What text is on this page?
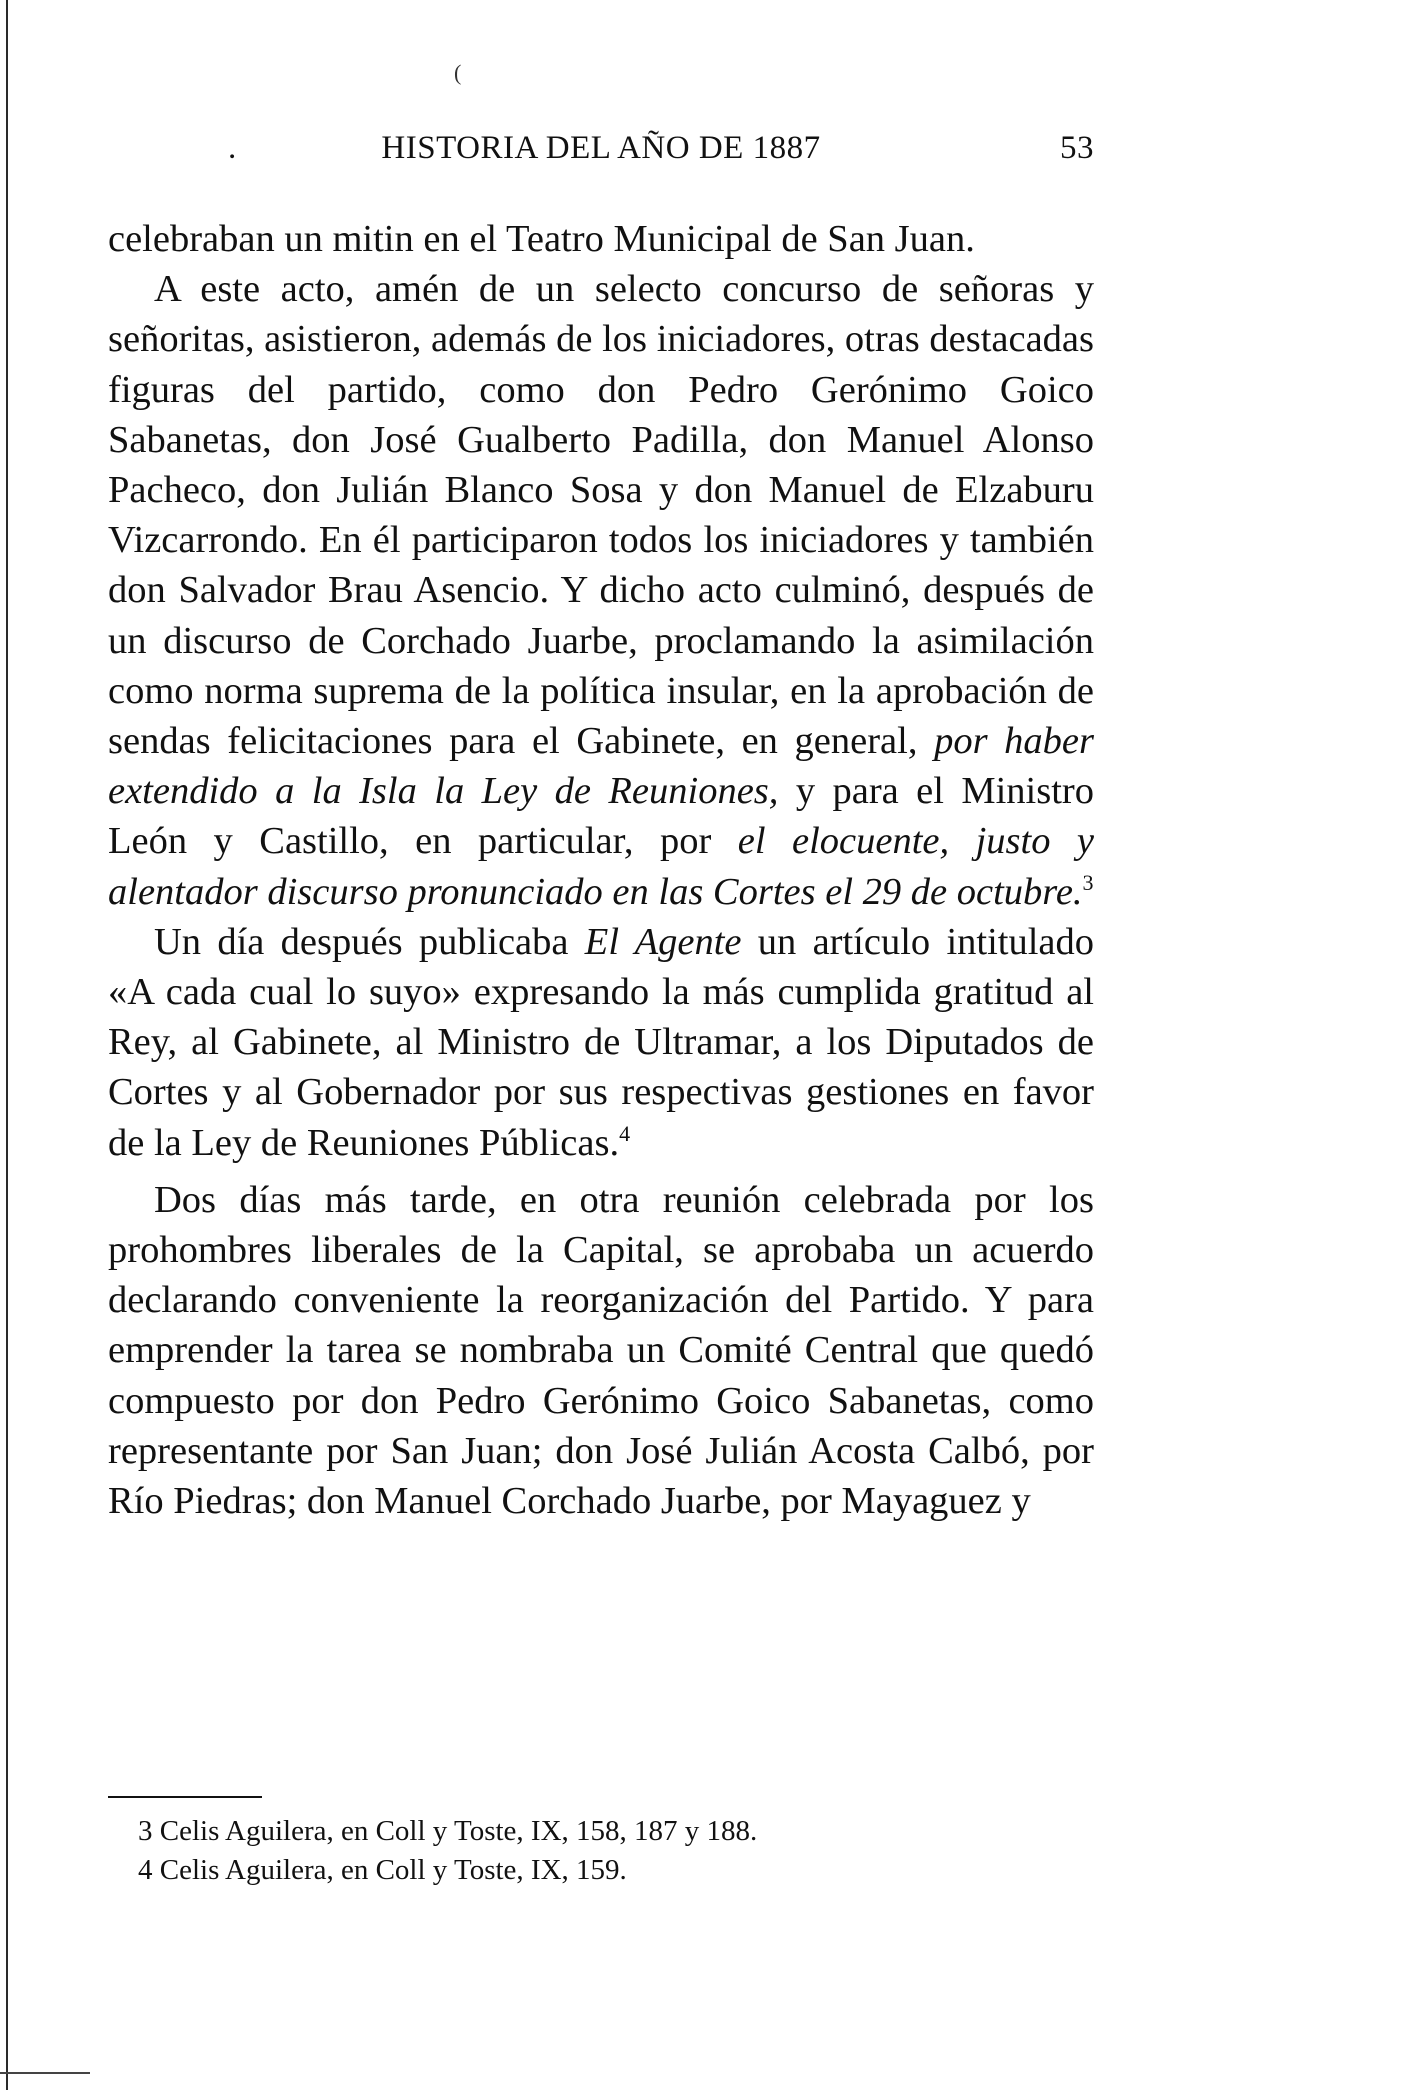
(
.	HISTORIA DEL AÑO DE 1887	53

celebraban un mitin en el Teatro Municipal de San Juan.

A este acto, amén de un selecto concurso de señoras y señoritas, asistieron, además de los iniciadores, otras destacadas figuras del partido, como don Pedro Gerónimo Goico Sabanetas, don José Gualberto Padilla, don Manuel Alonso Pacheco, don Julián Blanco Sosa y don Manuel de Elzaburu Vizcarrondo. En él participaron todos los iniciadores y también don Salvador Brau Asencio. Y dicho acto culminó, después de un discurso de Corchado Juarbe, proclamando la asimilación como norma suprema de la política insular, en la aprobación de sendas felicitaciones para el Gabinete, en general, por haber extendido a la Isla la Ley de Reuniones, y para el Ministro León y Castillo, en particular, por el elocuente, justo y alentador discurso pronunciado en las Cortes el 29 de octubre.$^3$

Un día después publicaba El Agente un artículo intitulado «A cada cual lo suyo» expresando la más cumplida gratitud al Rey, al Gabinete, al Ministro de Ultramar, a los Diputados de Cortes y al Gobernador por sus respectivas gestiones en favor de la Ley de Reuniones Públicas.$^4$

Dos días más tarde, en otra reunión celebrada por los prohombres liberales de la Capital, se aprobaba un acuerdo declarando conveniente la reorganización del Partido. Y para emprender la tarea se nombraba un Comité Central que quedó compuesto por don Pedro Gerónimo Goico Sabanetas, como representante por San Juan; don José Julián Acosta Calbó, por Río Piedras; don Manuel Corchado Juarbe, por Mayaguez y

3 Celis Aguilera, en Coll y Toste, IX, 158, 187 y 188.

4 Celis Aguilera, en Coll y Toste, IX, 159.
